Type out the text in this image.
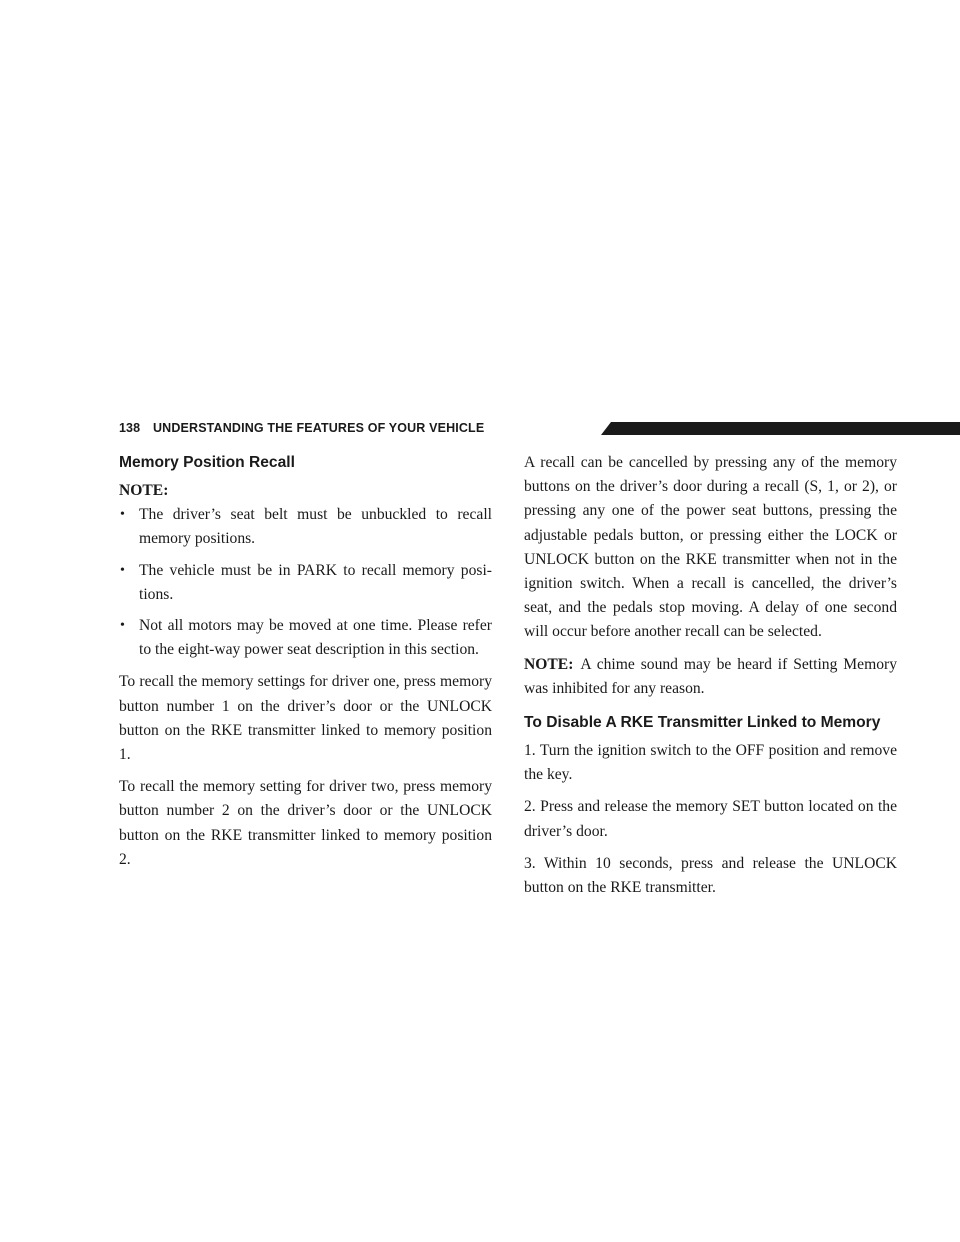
138 UNDERSTANDING THE FEATURES OF YOUR VEHICLE
Memory Position Recall
NOTE:
• The driver’s seat belt must be unbuckled to recall memory positions.
• The vehicle must be in PARK to recall memory posi-tions.
• Not all motors may be moved at one time. Please refer to the eight-way power seat description in this section.

To recall the memory settings for driver one, press memory button number 1 on the driver’s door or the UNLOCK button on the RKE transmitter linked to memory position 1.

To recall the memory setting for driver two, press memory button number 2 on the driver’s door or the UNLOCK button on the RKE transmitter linked to memory position 2.

A recall can be cancelled by pressing any of the memory buttons on the driver’s door during a recall (S, 1, or 2), or pressing any one of the power seat buttons, pressing the adjustable pedals button, or pressing either the LOCK or UNLOCK button on the RKE transmitter when not in the ignition switch. When a recall is cancelled, the driver’s seat, and the pedals stop moving. A delay of one second will occur before another recall can be selected.

NOTE: A chime sound may be heard if Setting Memory was inhibited for any reason.

To Disable A RKE Transmitter Linked to Memory

1. Turn the ignition switch to the OFF position and remove the key.

2. Press and release the memory SET button located on the driver’s door.

3. Within 10 seconds, press and release the UNLOCK button on the RKE transmitter.
